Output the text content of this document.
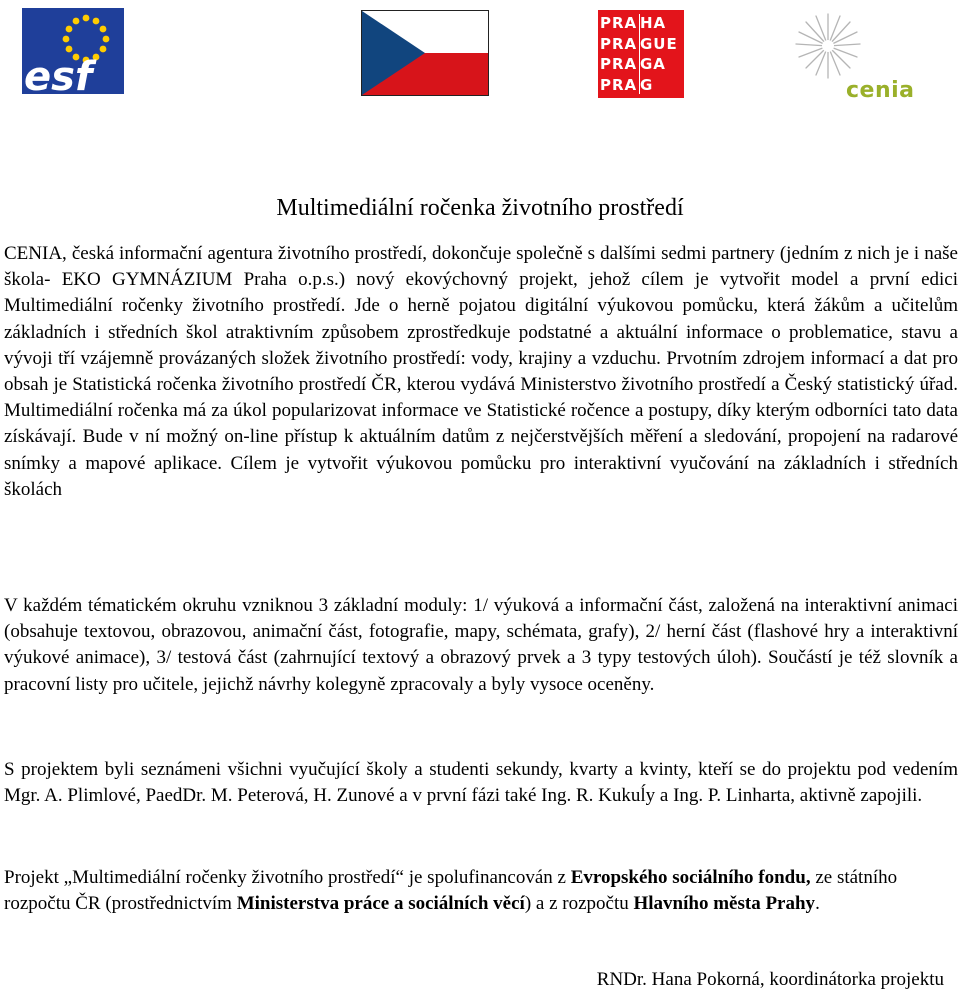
esf
PRA HA
PRA GUE
PRA GA
PRA G	cenia
Multimediální ročenka životního prostředí

CENIA, česká informační agentura životního prostředí, dokončuje společně s dalšími sedmi partnery (jedním z nich je i naše škola- EKO GYMNÁZIUM Praha o.p.s.) nový ekovýchovný projekt, jehož cílem je vytvořit model a první edici Multimediální ročenky životního prostředí. Jde o herně pojatou digitální výukovou pomůcku, která žákům a učitelům základních i středních škol atraktivním způsobem zprostředkuje podstatné a aktuální informace o problematice, stavu a vývoji tří vzájemně provázaných složek životního prostředí: vody, krajiny a vzduchu. Prvotním zdrojem informací a dat pro obsah je Statistická ročenka životního prostředí ČR, kterou vydává Ministerstvo životního prostředí a Český statistický úřad. Multimediální ročenka má za úkol popularizovat informace ve Statistické ročence a postupy, díky kterým odborníci tato data získávají. Bude v ní možný on-line přístup k aktuálním datům z nejčerstvějších měření a sledování, propojení na radarové snímky a mapové aplikace. Cílem je vytvořit výukovou pomůcku pro interaktivní vyučování na základních i středních školách

V každém tématickém okruhu vzniknou 3 základní moduly: 1/ výuková a informační část, založená na interaktivní animaci (obsahuje textovou, obrazovou, animační část, fotografie, mapy, schémata, grafy), 2/ herní část (flashové hry a interaktivní výukové animace), 3/ testová část (zahrnující textový a obrazový prvek a 3 typy testových úloh). Součástí je též slovník a pracovní listy pro učitele, jejichž návrhy kolegyně zpracovaly a byly vysoce oceněny.

S projektem byli seznámeni všichni vyučující školy a studenti sekundy, kvarty a kvinty, kteří se do projektu pod vedením Mgr. A. Plimlové, PaedDr. M. Peterová, H. Zunové a v první fázi také Ing. R. Kukuĺy a Ing. P. Linharta, aktivně zapojili.

Projekt „Multimediální ročenky životního prostředí“ je spolufinancován z Evropského sociálního fondu, ze státního rozpočtu ČR (prostřednictvím Ministerstva práce a sociálních věcí) a z rozpočtu Hlavního města Prahy.

RNDr. Hana Pokorná, koordinátorka projektu
